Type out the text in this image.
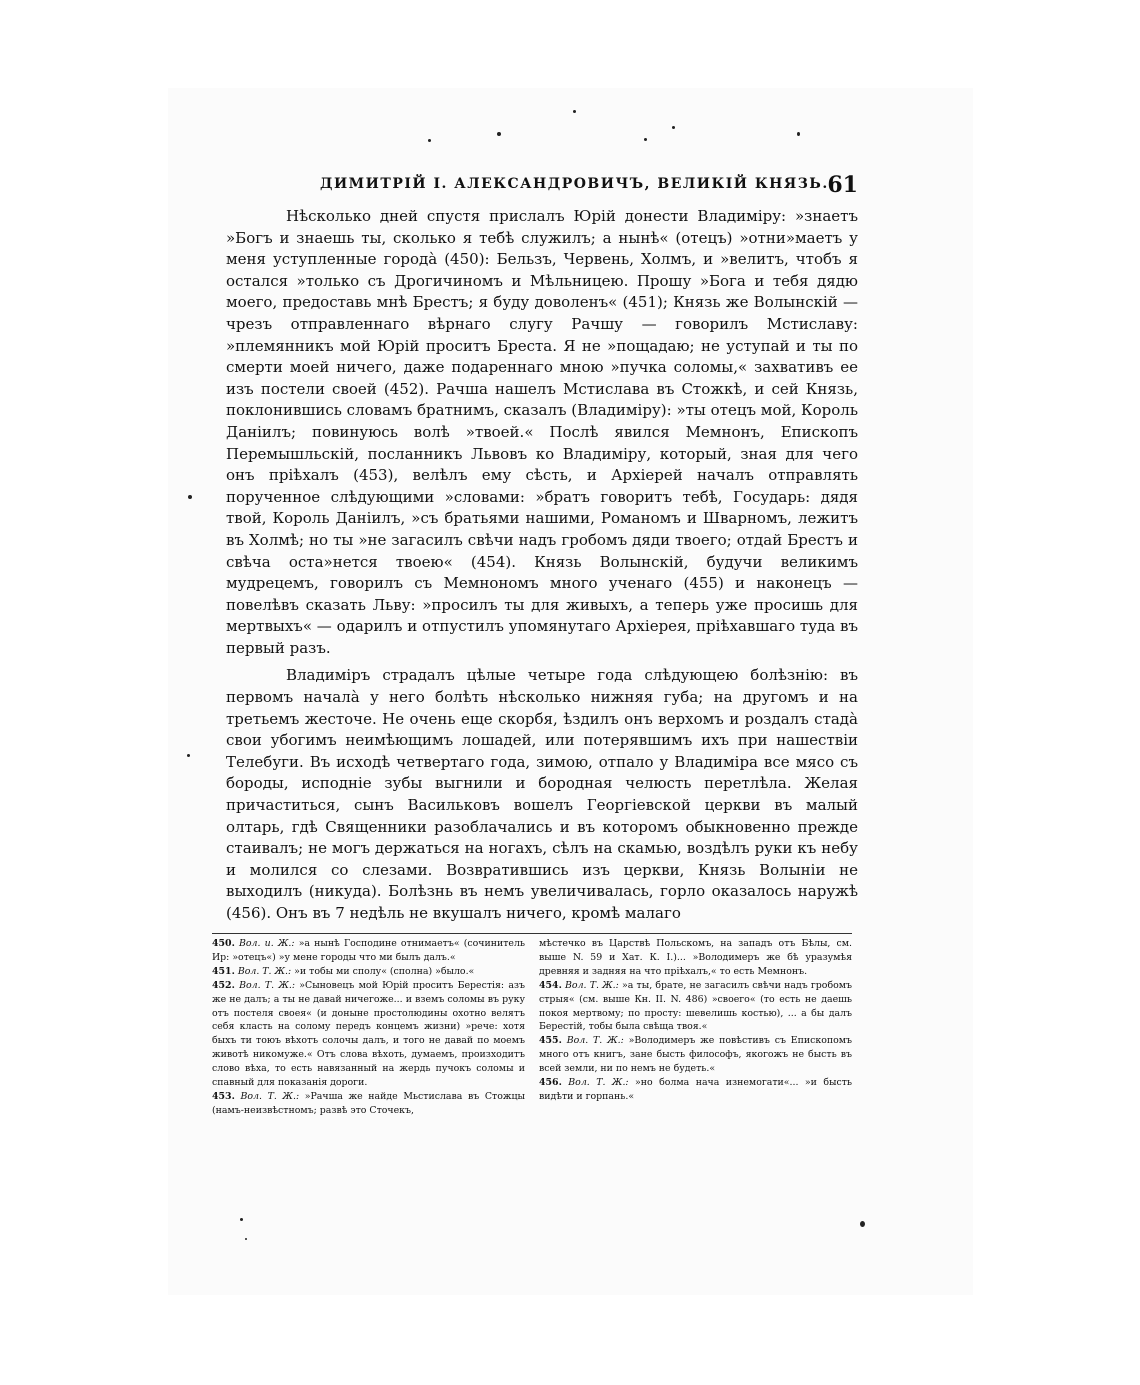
ДИМИТРІЙ I. АЛЕКСАНДРОВИЧЪ, ВЕЛИКІЙ КНЯЗЬ.
61

Нѣсколько дней спустя прислалъ Юрій донести Владиміру: »знаетъ »Богъ и знаешь ты, сколько я тебѣ служилъ; а нынѣ« (отецъ) »отни»маетъ у меня уступленные городà (450): Бельзъ, Червень, Холмъ, и »велитъ, чтобъ я остался »только съ Дрогичиномъ и Мѣльницею. Прошу »Бога и тебя дядю моего, предоставь мнѣ Брестъ; я буду доволенъ« (451); Князь же Волынскій — чрезъ отправленнаго вѣрнаго слугу Рачшу — говорилъ Мстиславу: »племянникъ мой Юрій проситъ Бреста. Я не »пощадаю; не уступай и ты по смерти моей ничего, даже подареннаго мною »пучка соломы,« захвативъ ее изъ постели своей (452). Рачша нашелъ Мстислава въ Стожкѣ, и сей Князь, поклонившись словамъ братнимъ, сказалъ (Владиміру): »ты отецъ мой, Король Даніилъ; повинуюсь волѣ »твоей.« Послѣ явился Мемнонъ, Епископъ Перемышльскій, посланникъ Львовъ ко Владиміру, который, зная для чего онъ пріѣхалъ (453), велѣлъ ему сѣсть, и Архіерей началъ отправлять порученное слѣдующими »словами: »братъ говоритъ тебѣ, Государь: дядя твой, Король Даніилъ, »съ братьями нашими, Романомъ и Шварномъ, лежитъ въ Холмѣ; но ты »не загасилъ свѣчи надъ гробомъ дяди твоего; отдай Брестъ и свѣча оста»нется твоею« (454). Князь Волынскій, будучи великимъ мудрецемъ, говорилъ съ Мемнономъ много ученаго (455) и наконецъ — повелѣвъ сказать Льву: »просилъ ты для живыхъ, а теперь уже просишь для мертвыхъ« — одарилъ и отпустилъ упомянутаго Архіерея, пріѣхавшаго туда въ первый разъ.

Владиміръ страдалъ цѣлые четыре года слѣдующею болѣзнію: въ первомъ началà у него болѣть нѣсколько нижняя губа; на другомъ и на третьемъ жесточе. Не очень еще скорбя, ѣздилъ онъ верхомъ и роздалъ стадà свои убогимъ неимѣющимъ лошадей, или потерявшимъ ихъ при нашествіи Телебуги. Въ исходѣ четвертаго года, зимою, отпало у Владиміра все мясо съ бороды, исподніе зубы выгнили и бородная челюсть перетлѣла. Желая причаститься, сынъ Васильковъ вошелъ Георгіевской церкви въ малый олтарь, гдѣ Священники разоблачались и въ которомъ обыкновенно прежде стаивалъ; не могъ держаться на ногахъ, сѣлъ на скамью, воздѣлъ руки къ небу и молился со слезами. Возвратившись изъ церкви, Князь Волыніи не выходилъ (никуда). Болѣзнь въ немъ увеличивалась, горло оказалось наружѣ (456). Онъ въ 7 недѣль не вкушалъ ничего, кромѣ малаго

450. Вол. и. Ж.: »а нынѣ Господине отнимаетъ« (сочинитель Ир: »отецъ«) »у мене городы что ми былъ далъ.«

451. Вол. Т. Ж.: »и тобы ми сполу« (сполна) »было.«

452. Вол. Т. Ж.: »Сыновецъ мой Юрій проситъ Берестія: азъ же не далъ; а ты не давай ничегоже... и вземъ соломы въ руку отъ постеля своея« (и доныне простолюдины охотно велятъ себя класть на солому передъ концемъ жизни) »рече: хотя быхъ ти тоюъ вѣхотъ солочы далъ, и того не давай по моемъ животѣ никомуже.« Отъ слова вѣхоть, думаемъ, произходитъ слово вѣха, то есть навязанный на жердь пучокъ соломы и спавный для показанія дороги.

453. Вол. Т. Ж.: »Рачша же найде Мьстислава въ Стожцы (намъ-неизвѣстномъ; развѣ это Сточекъ,

мѣстечко въ Царствѣ Польскомъ, на западъ отъ Бѣлы, см. выше N. 59 и Хат. К. I.)... »Володимеръ же бѣ уразумѣя древняя и задняя на что пріѣхалъ,« то есть Мемнонъ.

454. Вол. Т. Ж.: »а ты, брате, не загасилъ свѣчи надъ гробомъ стрыя« (см. выше Кн. II. N. 486) »своего« (то есть не даешь покоя мертвому; по просту: шевелишь костью), ... а бы далъ Берестій, тобы была свѣща твоя.«

455. Вол. Т. Ж.: »Володимеръ же повѣстивъ съ Епископомъ много отъ книгъ, зане бысть философъ, якогожъ не бысть въ всей земли, ни по немъ не будеть.«

456. Вол. Т. Ж.: »но болма нача изнемогати«... »и бысть видѣти и горпань.«
